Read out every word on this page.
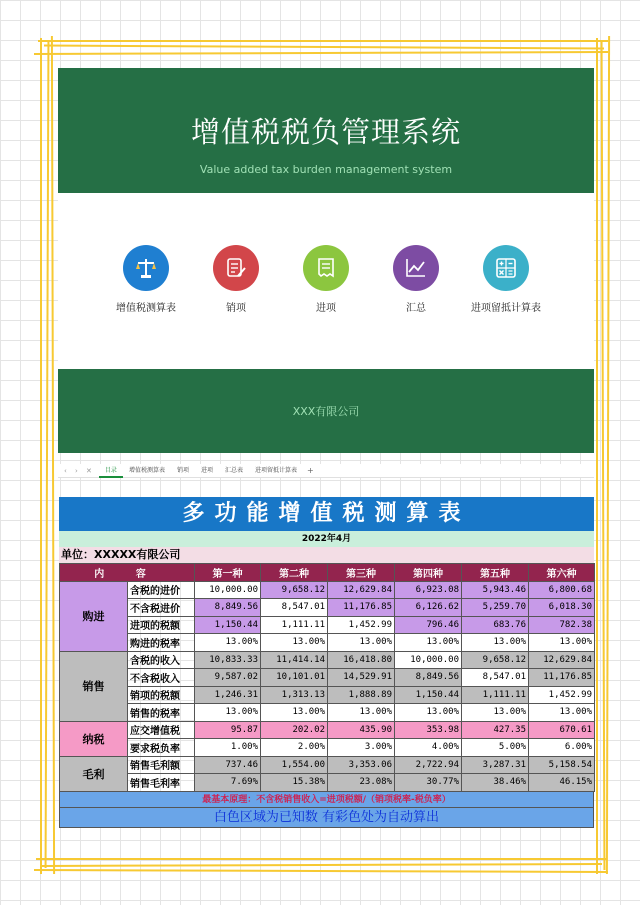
增值税税负管理系统
Value added tax burden management system
增值税测算表	销项	进项	汇总	进项留抵计算表
XXX有限公司
‹ › ✕	目录	增值税测算表	销项	进项	汇总表	进项留抵计算表	+
多功能增值税测算表
2022年4月
单位：XXXXX有限公司
内 容		第一种	第二种	第三种	第四种	第五种	第六种
购进	含税的进价	10,000.00	9,658.12	12,629.84	6,923.08	5,943.46	6,800.68
	不含税进价	8,849.56	8,547.01	11,176.85	6,126.62	5,259.70	6,018.30
	进项的税额	1,150.44	1,111.11	1,452.99	796.46	683.76	782.38
	购进的税率	13.00%	13.00%	13.00%	13.00%	13.00%	13.00%
销售	含税的收入	10,833.33	11,414.14	16,418.80	10,000.00	9,658.12	12,629.84
	不含税收入	9,587.02	10,101.01	14,529.91	8,849.56	8,547.01	11,176.85
	销项的税额	1,246.31	1,313.13	1,888.89	1,150.44	1,111.11	1,452.99
	销售的税率	13.00%	13.00%	13.00%	13.00%	13.00%	13.00%
纳税	应交增值税	95.87	202.02	435.90	353.98	427.35	670.61
	要求税负率	1.00%	2.00%	3.00%	4.00%	5.00%	6.00%
毛利	销售毛利额	737.46	1,554.00	3,353.06	2,722.94	3,287.31	5,158.54
	销售毛利率	7.69%	15.38%	23.08%	30.77%	38.46%	46.15%
最基本原理：不含税销售收入=进项税额/（销项税率-税负率）
白色区域为已知数 有彩色处为自动算出
